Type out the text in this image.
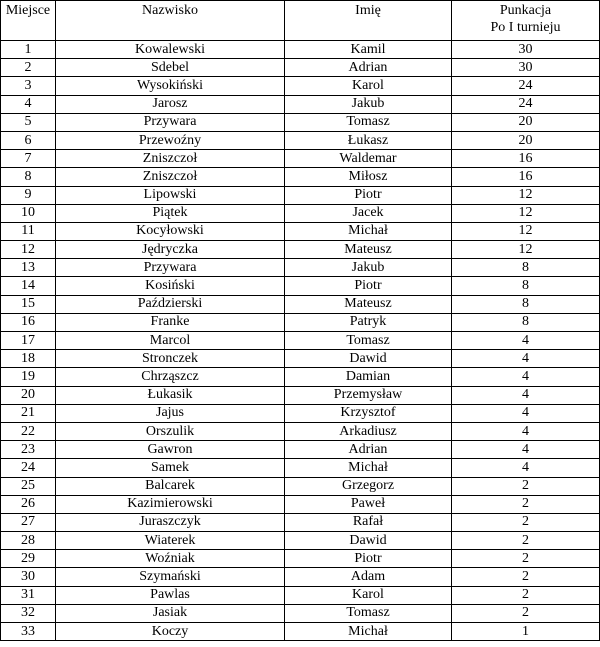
Miejsce	Nazwisko	Imię	Punkacja
Po I turnieju
1	Kowalewski	Kamil	30
2	Sdebel	Adrian	30
3	Wysokiński	Karol	24
4	Jarosz	Jakub	24
5	Przywara	Tomasz	20
6	Przewoźny	Łukasz	20
7	Zniszczoł	Waldemar	16
8	Zniszczoł	Miłosz	16
9	Lipowski	Piotr	12
10	Piątek	Jacek	12
11	Kocyłowski	Michał	12
12	Jędryczka	Mateusz	12
13	Przywara	Jakub	8
14	Kosiński	Piotr	8
15	Paździerski	Mateusz	8
16	Franke	Patryk	8
17	Marcol	Tomasz	4
18	Stronczek	Dawid	4
19	Chrząszcz	Damian	4
20	Łukasik	Przemysław	4
21	Jajus	Krzysztof	4
22	Orszulik	Arkadiusz	4
23	Gawron	Adrian	4
24	Samek	Michał	4
25	Balcarek	Grzegorz	2
26	Kazimierowski	Paweł	2
27	Juraszczyk	Rafał	2
28	Wiaterek	Dawid	2
29	Woźniak	Piotr	2
30	Szymański	Adam	2
31	Pawlas	Karol	2
32	Jasiak	Tomasz	2
33	Koczy	Michał	1
